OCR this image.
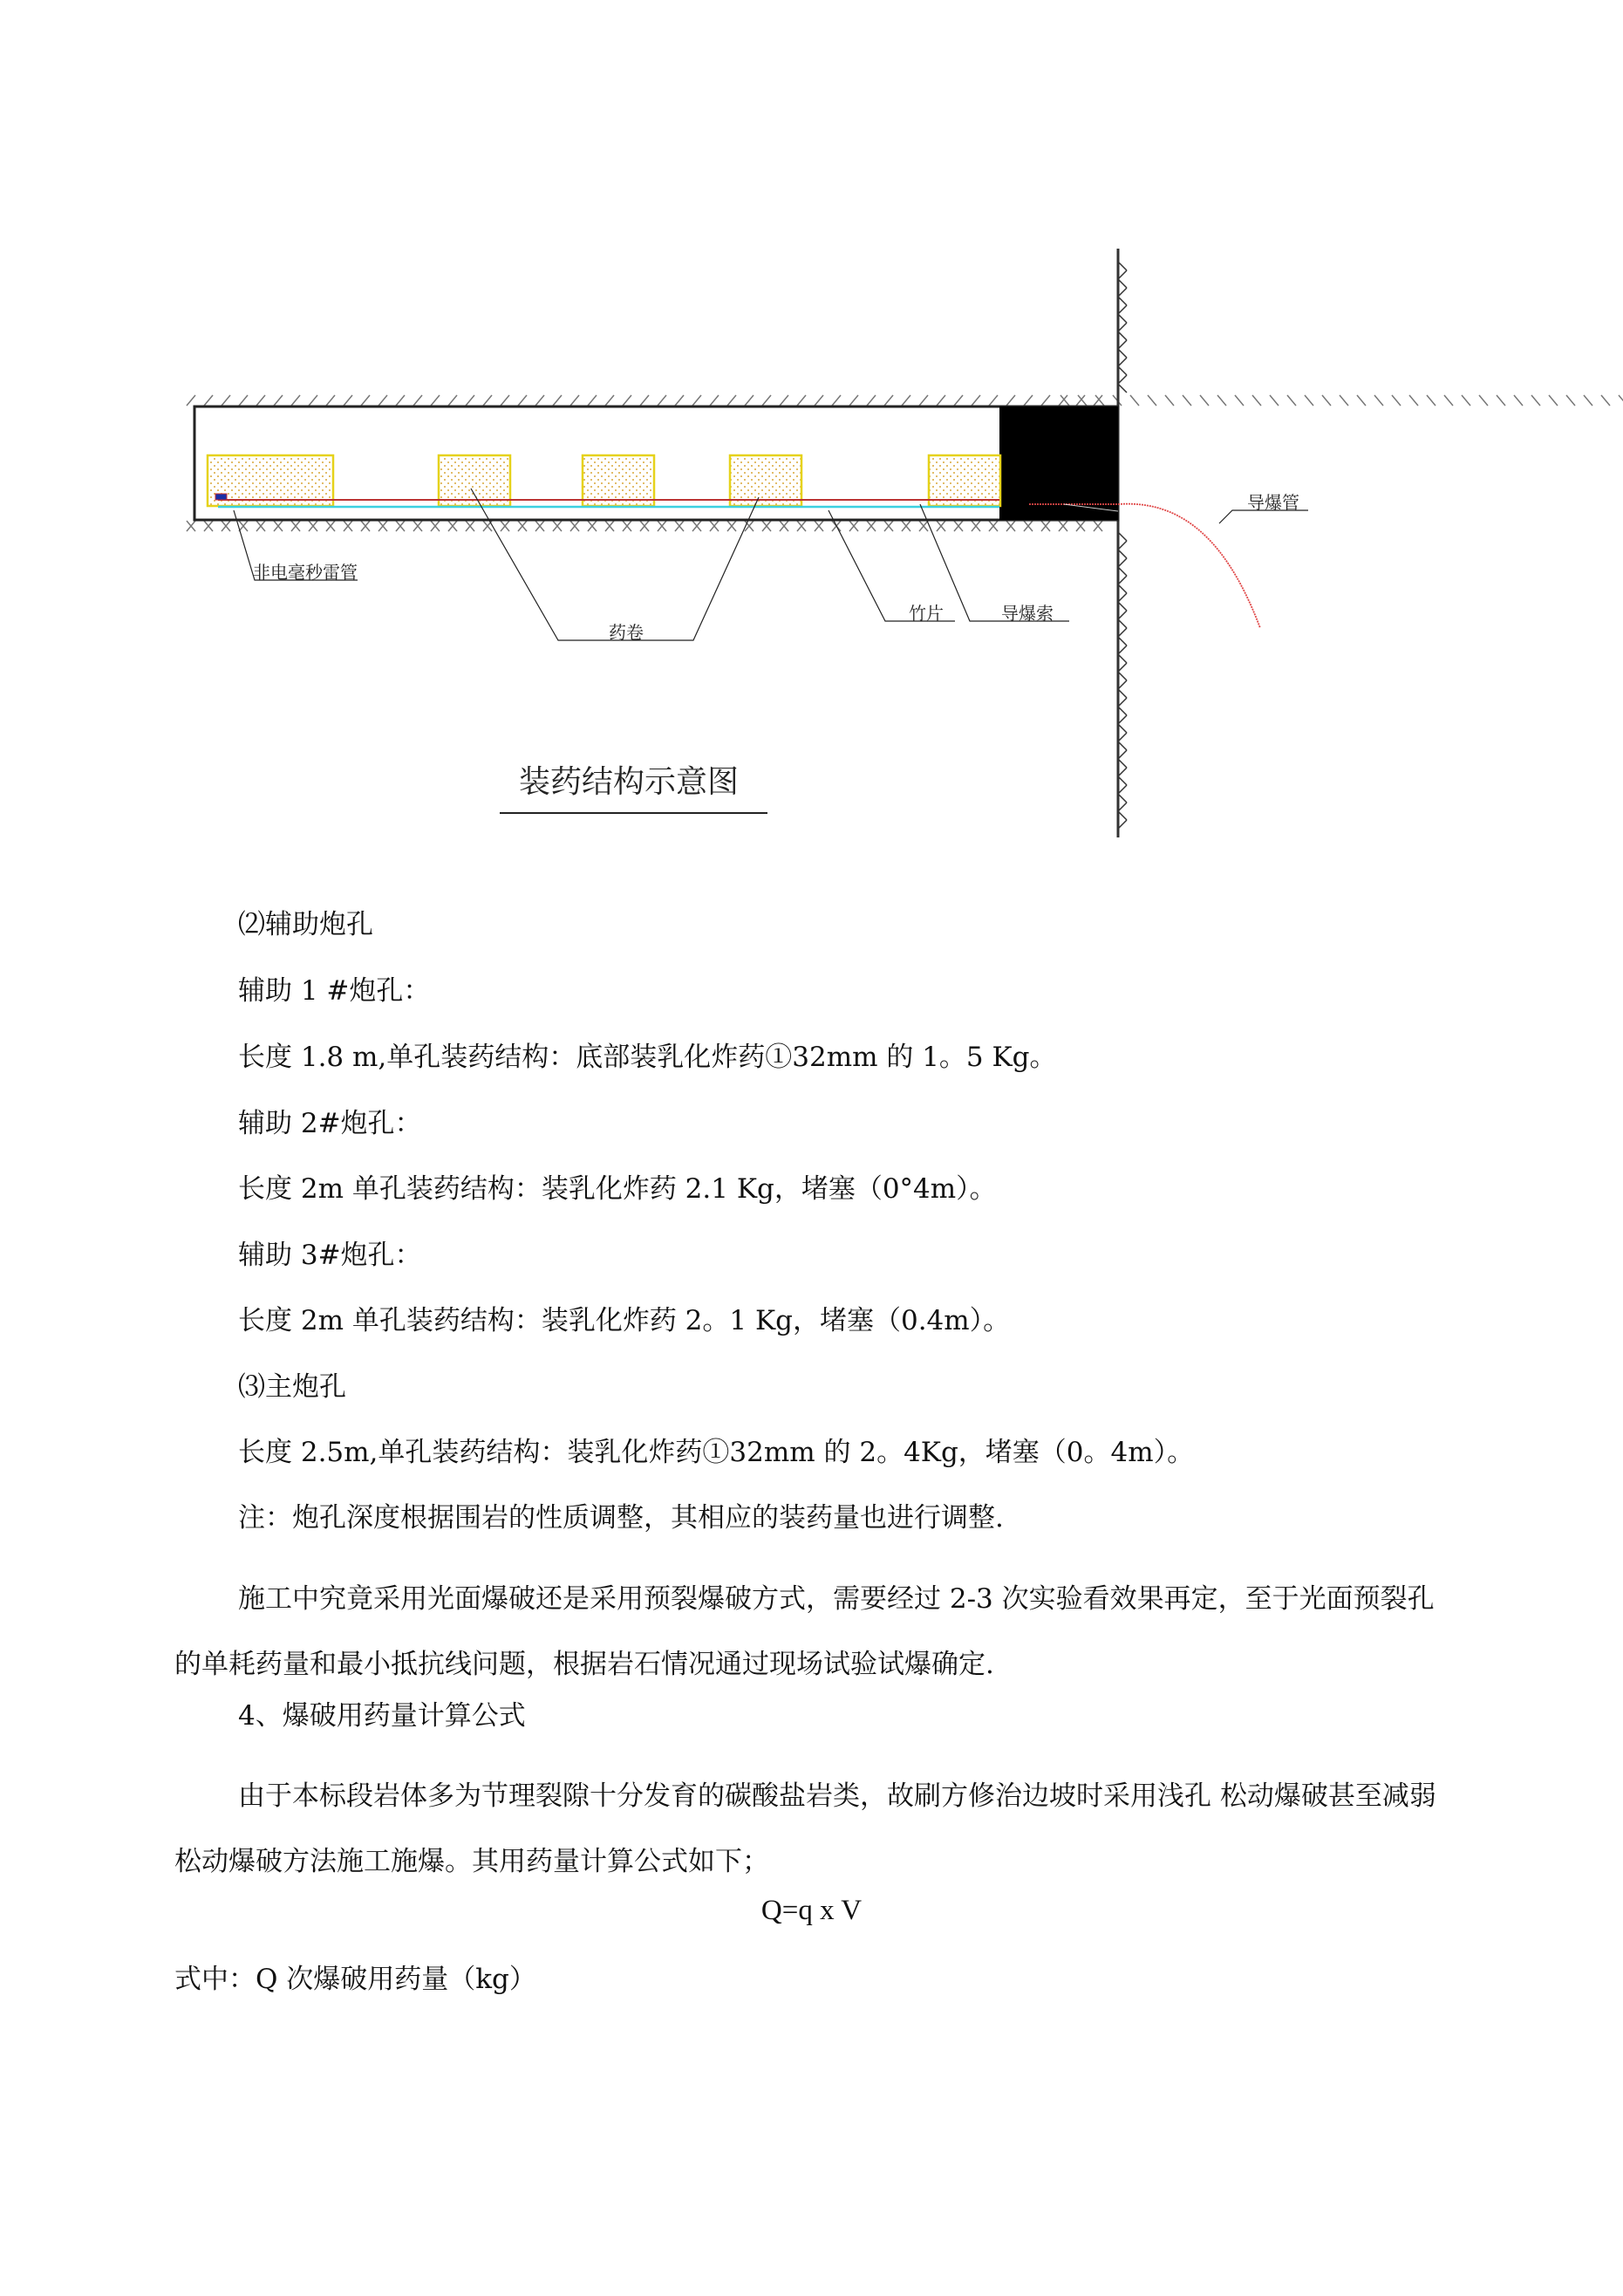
非电毫秒雷管
药卷
竹片	导爆索
导爆管
装药结构示意图
⑵辅助炮孔
辅助 1 #炮孔：
长度 1.8 m,单孔装药结构：底部装乳化炸药①32mm 的 1。5 Kg。
辅助 2#炮孔：
长度 2m 单孔装药结构：装乳化炸药 2.1 Kg，堵塞（0°4m）。
辅助 3#炮孔：
长度 2m 单孔装药结构：装乳化炸药 2。1 Kg，堵塞（0.4m）。
⑶主炮孔
长度 2.5m,单孔装药结构：装乳化炸药①32mm 的 2。4Kg，堵塞（0。4m）。
注：炮孔深度根据围岩的性质调整，其相应的装药量也进行调整.
施工中究竟采用光面爆破还是采用预裂爆破方式，需要经过 2-3 次实验看效果再定，至于光面预裂孔的单耗药量和最小抵抗线问题，根据岩石情况通过现场试验试爆确定.
4、爆破用药量计算公式
由于本标段岩体多为节理裂隙十分发育的碳酸盐岩类，故刷方修治边坡时采用浅孔 松动爆破甚至减弱松动爆破方法施工施爆。其用药量计算公式如下；
Q=q x V
式中：Q 次爆破用药量（kg）
